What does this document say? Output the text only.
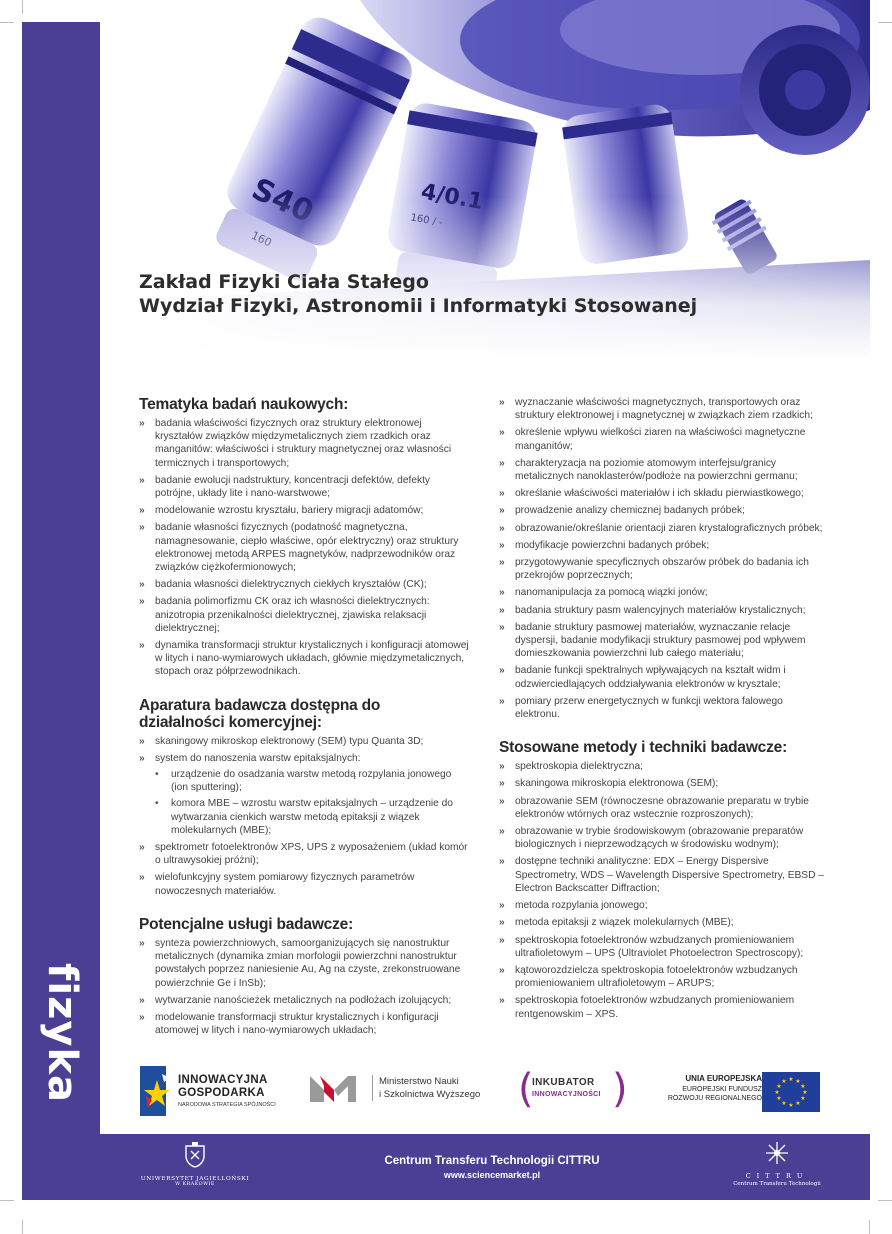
fizyka
Zakład Fizyki Ciała Stałego
Wydział Fizyki, Astronomii i Informatyki Stosowanej
Tematyka badań naukowych:
» badania właściwości fizycznych oraz struktury elektronowej kryształów związków międzymetalicznych ziem rzadkich oraz manganitów: właściwości i struktury magnetycznej oraz własności termicznych i transportowych;
» badanie ewolucji nadstruktury, koncentracji defektów, defekty potrójne, układy lite i nano-warstwowe;
» modelowanie wzrostu kryształu, bariery migracji adatomów;
» badanie własności fizycznych (podatność magnetyczna, namagnesowanie, ciepło właściwe, opór elektryczny) oraz struktury elektronowej metodą ARPES magnetyków, nadprzewodników oraz związków ciężkofermionowych;
» badania własności dielektrycznych ciekłych kryształów (CK);
» badania polimorfizmu CK oraz ich własności dielektrycznych: anizotropia przenikalności dielektrycznej, zjawiska relaksacji dielektrycznej;
» dynamika transformacji struktur krystalicznych i konfiguracji atomowej w litych i nano-wymiarowych układach, głównie międzymetalicznych, stopach oraz półprzewodnikach.
Aparatura badawcza dostępna do działalności komercyjnej:
» skaningowy mikroskop elektronowy (SEM) typu Quanta 3D;
» system do nanoszenia warstw epitaksjalnych:
• urządzenie do osadzania warstw metodą rozpylania jonowego (ion sputtering);
• komora MBE – wzrostu warstw epitaksjalnych – urządzenie do wytwarzania cienkich warstw metodą epitaksji z wiązek molekularnych (MBE);
» spektrometr fotoelektronów XPS, UPS z wyposażeniem (układ komór o ultrawysokiej próżni);
» wielofunkcyjny system pomiarowy fizycznych parametrów nowoczesnych materiałów.
Potencjalne usługi badawcze:
» synteza powierzchniowych, samoorganizujących się nanostruktur metalicznych (dynamika zmian morfologii powierzchni nanostruktur powstałych poprzez naniesienie Au, Ag na czyste, zrekonstruowane powierzchnie Ge i InSb);
» wytwarzanie nanościeżek metalicznych na podłożach izolujących;
» modelowanie transformacji struktur krystalicznych i konfiguracji atomowej w litych i nano-wymiarowych układach;
» wyznaczanie właściwości magnetycznych, transportowych oraz struktury elektronowej i magnetycznej w związkach ziem rzadkich;
» określenie wpływu wielkości ziaren na właściwości magnetyczne manganitów;
» charakteryzacja na poziomie atomowym interfejsu/granicy metalicznych nanoklasterów/podłoże na powierzchni germanu;
» określanie właściwości materiałów i ich składu pierwiastkowego;
» prowadzenie analizy chemicznej badanych próbek;
» obrazowanie/określanie orientacji ziaren krystalograficznych próbek;
» modyfikacje powierzchni badanych próbek;
» przygotowywanie specyficznych obszarów próbek do badania ich przekrojów poprzecznych;
» nanomanipulacja za pomocą wiązki jonów;
» badania struktury pasm walencyjnych materiałów krystalicznych;
» badanie struktury pasmowej materiałów, wyznaczanie relacje dyspersji, badanie modyfikacji struktury pasmowej pod wpływem domieszkowania powierzchni lub całego materiału;
» badanie funkcji spektralnych wpływających na kształt widm i odzwierciedlających oddziaływania elektronów w krysztale;
» pomiary przerw energetycznych w funkcji wektora falowego elektronu.
Stosowane metody i techniki badawcze:
» spektroskopia dielektryczna;
» skaningowa mikroskopia elektronowa (SEM);
» obrazowanie SEM (równoczesne obrazowanie preparatu w trybie elektronów wtórnych oraz wstecznie rozproszonych);
» obrazowanie w trybie środowiskowym (obrazowanie preparatów biologicznych i nieprzewodzących w środowisku wodnym);
» dostępne techniki analityczne: EDX – Energy Dispersive Spectrometry, WDS – Wavelength Dispersive Spectrometry, EBSD – Electron Backscatter Diffraction;
» metoda rozpylania jonowego;
» metoda epitaksji z wiązek molekularnych (MBE);
» spektroskopia fotoelektronów wzbudzanych promieniowaniem ultrafioletowym – UPS (Ultraviolet Photoelectron Spectroscopy);
» kątoworozdzielcza spektroskopia fotoelektronów wzbudzanych promieniowaniem ultrafioletowym – ARUPS;
» spektroskopia fotoelektronów wzbudzanych promieniowaniem rentgenowskim – XPS.
INNOWACYJNA
GOSPODARKA
NARODOWA STRATEGIA SPÓJNOŚCI
Ministerstwo Nauki
i Szkolnictwa Wyższego (
INKUBATOR
INNOWACYJNOŚCI )	UNIA EUROPEJSKA
EUROPEJSKI FUNDUSZ
ROZWOJU REGIONALNEGO
★ ★
★
★
★
★
★
★
★
★
★
★
UNIWERSYTET JAGIELLOŃSKI
W KRAKOWIE
Centrum Transferu Technologii CITTRU
www.sciencemarket.pl	CITTRU
Centrum Transferu Technologii
